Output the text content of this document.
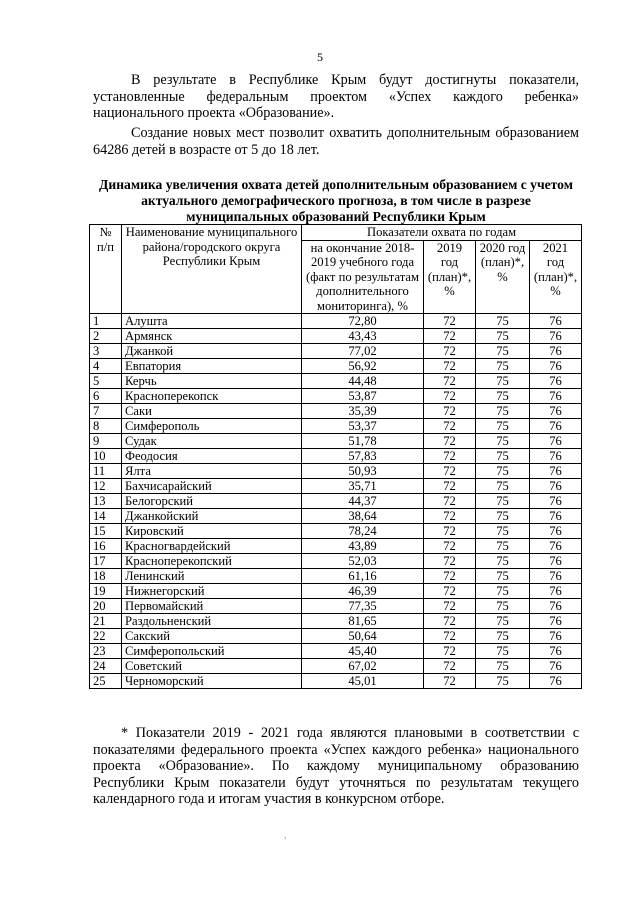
5

В результате в Республике Крым будут достигнуты показатели, установленные федеральным проектом «Успех каждого ребенка» национального проекта «Образование».

Создание новых мест позволит охватить дополнительным образованием 64286 детей в возрасте от 5 до 18 лет.

Динамика увеличения охвата детей дополнительным образованием с учетом актуального демографического прогноза, в том числе в разрезе муниципальных образований Республики Крым

№ п/п	Наименование муниципального района/городского округа Республики Крым	Показатели охвата по годам			
		на окончание 2018-2019 учебного года (факт по результатам дополнительного мониторинга), %	2019 год (план)*, %	2020 год (план)*, %	2021 год (план)*, %
1	Алушта	72,80	72	75	76
2	Армянск	43,43	72	75	76
3	Джанкой	77,02	72	75	76
4	Евпатория	56,92	72	75	76
5	Керчь	44,48	72	75	76
6	Красноперекопск	53,87	72	75	76
7	Саки	35,39	72	75	76
8	Симферополь	53,37	72	75	76
9	Судак	51,78	72	75	76
10	Феодосия	57,83	72	75	76
11	Ялта	50,93	72	75	76
12	Бахчисарайский	35,71	72	75	76
13	Белогорский	44,37	72	75	76
14	Джанкойский	38,64	72	75	76
15	Кировский	78,24	72	75	76
16	Красногвардейский	43,89	72	75	76
17	Красноперекопский	52,03	72	75	76
18	Ленинский	61,16	72	75	76
19	Нижнегорский	46,39	72	75	76
20	Первомайский	77,35	72	75	76
21	Раздольненский	81,65	72	75	76
22	Сакский	50,64	72	75	76
23	Симферопольский	45,40	72	75	76
24	Советский	67,02	72	75	76
25	Черноморский	45,01	72	75	76

* Показатели 2019 - 2021 года являются плановыми в соответствии с показателями федерального проекта «Успех каждого ребенка» национального проекта «Образование». По каждому муниципальному образованию Республики Крым показатели будут уточняться по результатам текущего календарного года и итогам участия в конкурсном отборе.

,
